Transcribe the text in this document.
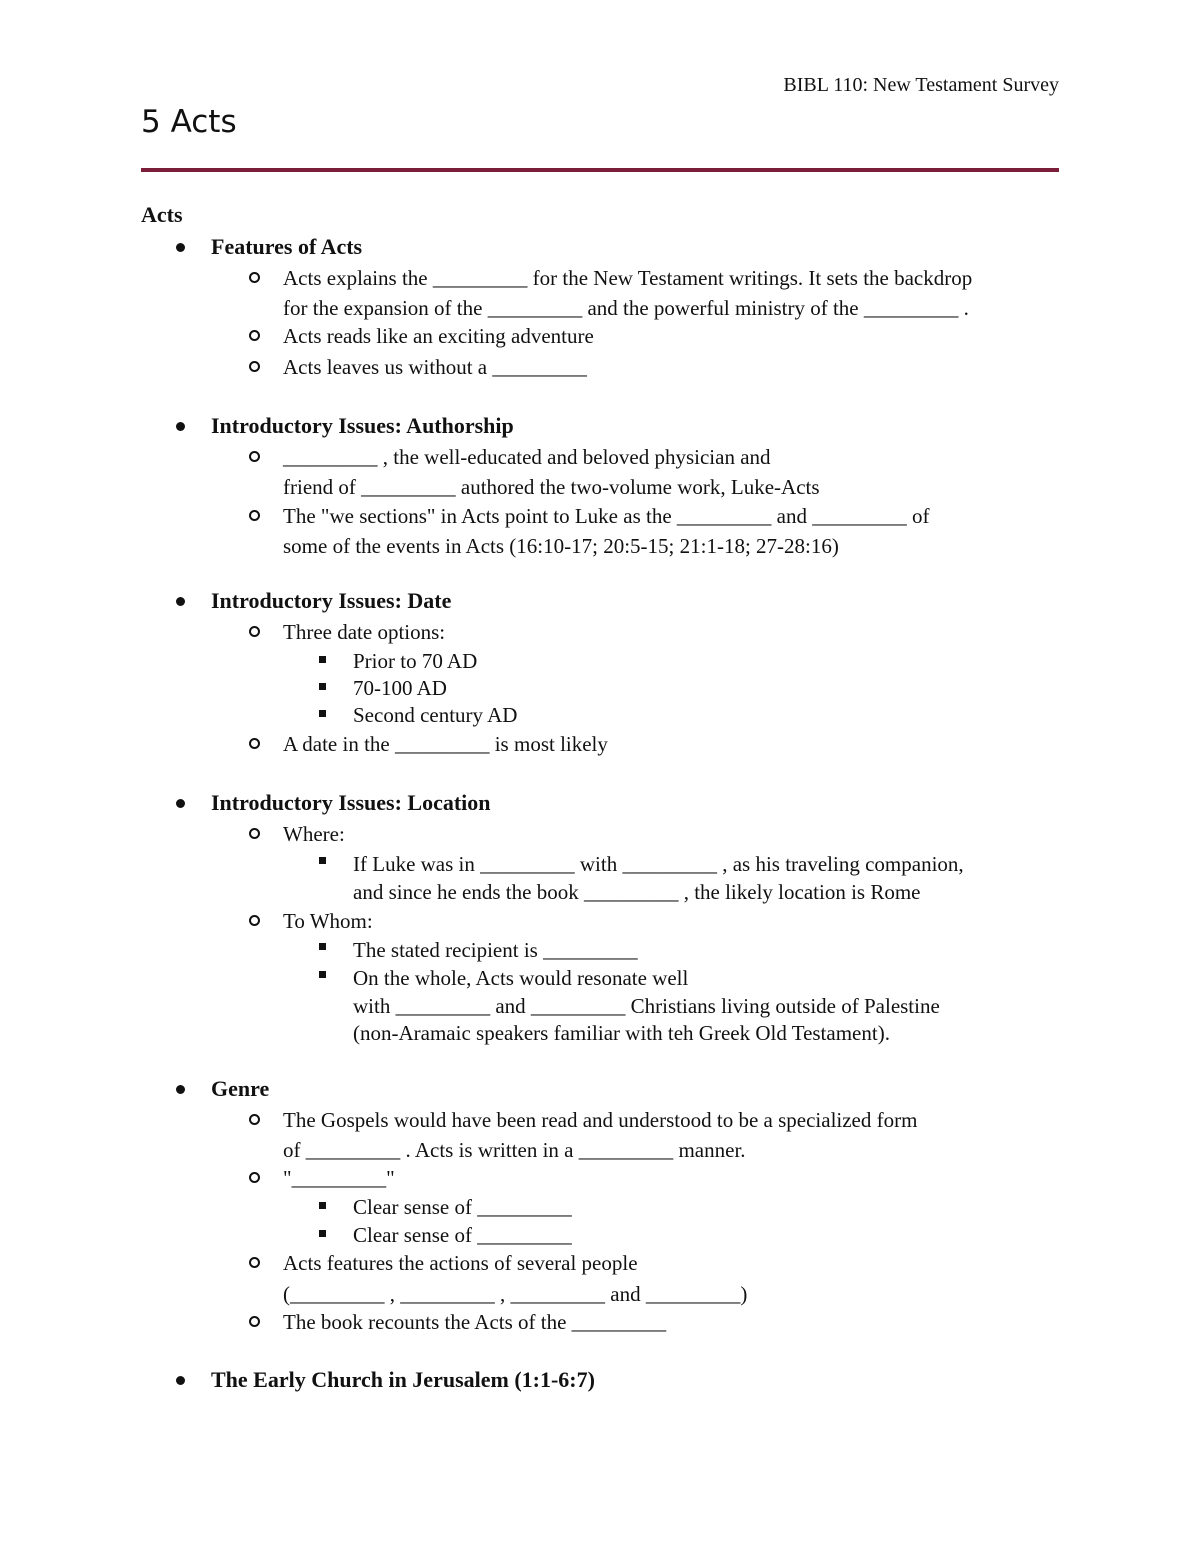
BIBL 110: New Testament Survey
5 Acts
Acts
Features of Acts
Acts explains the _________ for the New Testament writings. It sets the backdrop
for the expansion of the _________ and the powerful ministry of the _________ .
Acts reads like an exciting adventure
Acts leaves us without a _________
Introductory Issues: Authorship
_________ , the well-educated and beloved physician and
friend of _________ authored the two-volume work, Luke-Acts
The "we sections" in Acts point to Luke as the _________ and _________ of
some of the events in Acts (16:10-17; 20:5-15; 21:1-18; 27-28:16)
Introductory Issues: Date
Three date options:
Prior to 70 AD
70-100 AD
Second century AD
A date in the _________ is most likely
Introductory Issues: Location
Where:
If Luke was in _________ with _________ , as his traveling companion,
and since he ends the book _________ , the likely location is Rome
To Whom:
The stated recipient is _________
On the whole, Acts would resonate well
with _________ and _________ Christians living outside of Palestine
(non-Aramaic speakers familiar with teh Greek Old Testament).
Genre
The Gospels would have been read and understood to be a specialized form
of _________ . Acts is written in a _________ manner.
"_________"
Clear sense of _________
Clear sense of _________
Acts features the actions of several people
(_________ , _________ , _________ and _________)
The book recounts the Acts of the _________
The Early Church in Jerusalem (1:1-6:7)
